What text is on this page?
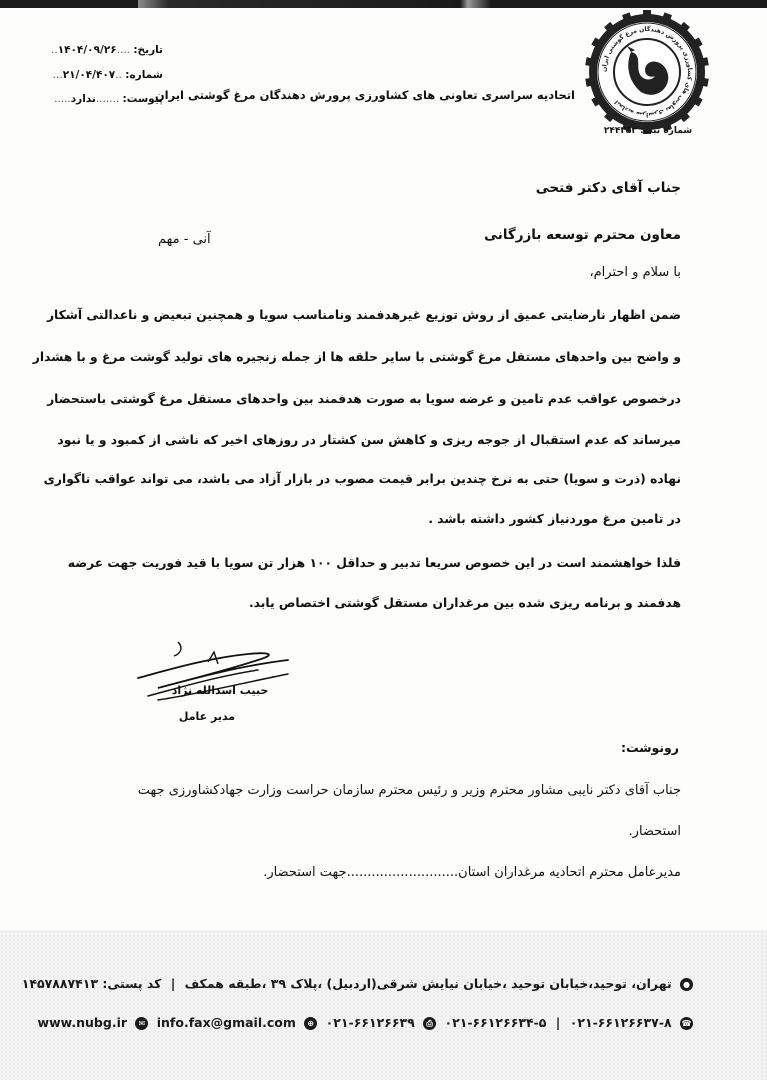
اتحادیه سراسری تعاونی های کشاورزی پرورش دهندگان مرغ گوشتی ایران
شماره ثبت: ۲۴۴۲۵۳
اتحادیه سراسری تعاونی های کشاورزی پرورش دهندگان مرغ گوشتی ایران
تاریخ: ....۱۴۰۴/۰۹/۲۶..
شماره: ..۲۱/۰۴/۴۰۷...
پیوست: .......ندارد.....
جناب آقای دکتر فتحی
معاون محترم توسعه بازرگانی
آنی - مهم
با سلام و احترام،
ضمن اظهار نارضایتی عمیق از روش توزیع غیرهدفمند ونامناسب سویا و همچنین تبعیض و ناعدالتی آشکار
و واضح بین واحدهای مستقل مرغ گوشتی با سایر حلقه ها از جمله زنجیره های تولید گوشت مرغ و با هشدار
درخصوص عواقب عدم تامین و عرضه سویا به صورت هدفمند بین واحدهای مستقل مرغ گوشتی باستحضار
میرساند که عدم استقبال از جوجه ریزی و کاهش سن کشتار در روزهای اخیر که ناشی از کمبود و یا نبود
نهاده (ذرت و سویا) حتی به نرخ چندین برابر قیمت مصوب در بازار آزاد می باشد، می تواند عواقب ناگواری
در تامین مرغ موردنیاز کشور داشته باشد .
فلذا خواهشمند است در این خصوص سریعا تدبیر و حداقل ۱۰۰ هزار تن سویا با قید فوریت جهت عرضه
هدفمند و برنامه ریزی شده بین مرغداران مستقل گوشتی اختصاص یابد.
حبیب اسدالله نژاد
مدیر عامل
رونوشت:
جناب آقای دکتر نایبی مشاور محترم وزیر و رئیس محترم سازمان حراست وزارت جهادکشاورزی جهت
استحضار.
مدیرعامل محترم اتحادیه مرغداران استان...........................جهت استحضار.
● تهران، توحید،خیابان توحید ،خیابان نیایش شرقی(اردبیل) ،پلاک ۳۹ ،طبقه همکف | کد پستی: ۱۴۵۷۸۸۷۴۱۳
☎ ۰۲۱-۶۶۱۲۶۶۳۷-۸ | ۰۲۱-۶۶۱۲۶۶۳۴-۵ ⎙ ۰۲۱-۶۶۱۲۶۶۳۹ ⊕ www.nubg.ir ✉ info.fax@gmail.com
